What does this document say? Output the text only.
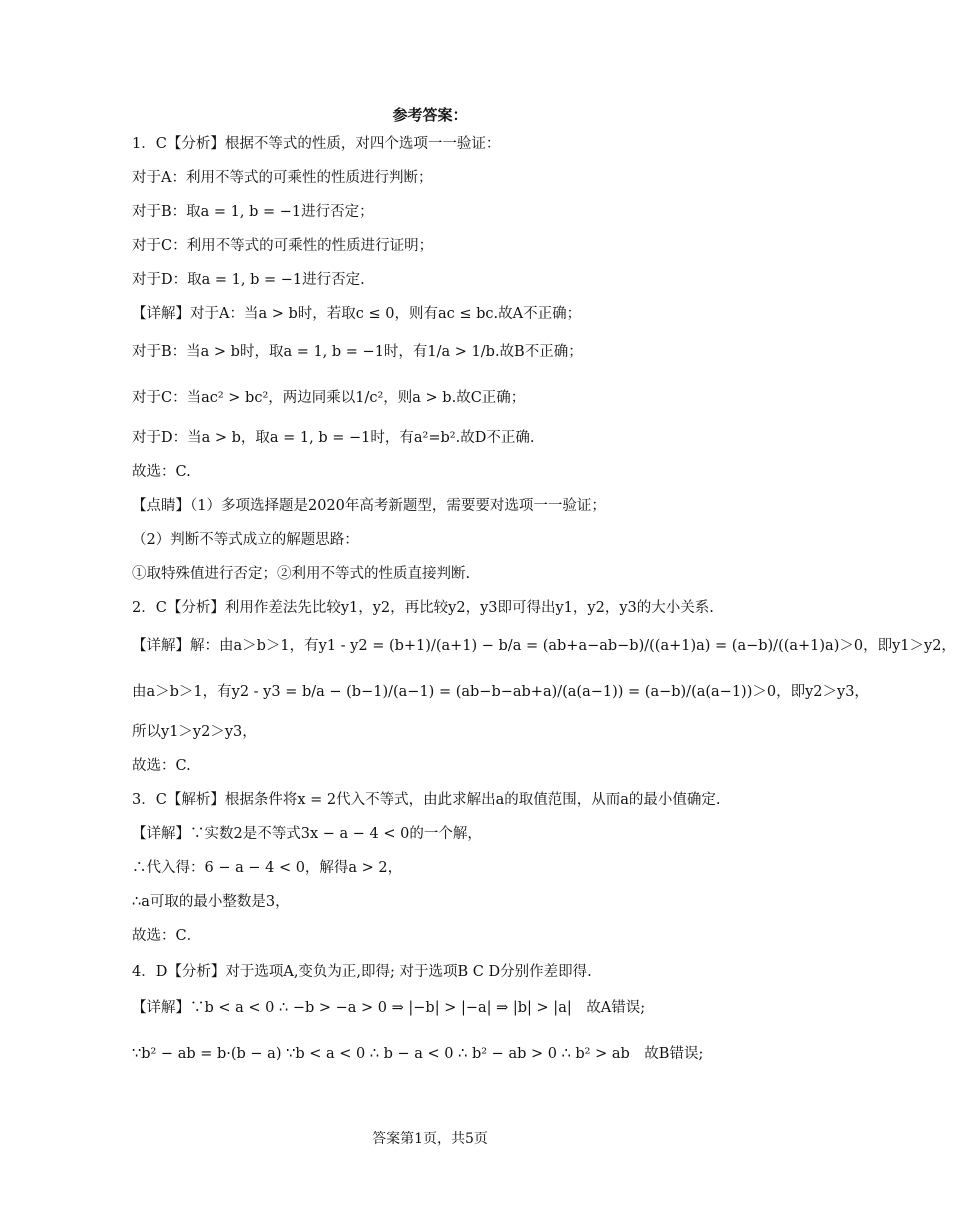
参考答案：
1．C【分析】根据不等式的性质，对四个选项一一验证：
对于A：利用不等式的可乘性的性质进行判断；
对于B：取a = 1, b = −1进行否定；
对于C：利用不等式的可乘性的性质进行证明；
对于D：取a = 1, b = −1进行否定.
【详解】对于A：当a > b时，若取c ≤ 0，则有ac ≤ bc.故A不正确；
对于B：当a > b时，取a = 1, b = −1时，有1/a > 1/b.故B不正确；
对于C：当ac² > bc²，两边同乘以1/c²，则a > b.故C正确；
对于D：当a > b，取a = 1, b = −1时，有a²=b².故D不正确.
故选：C.
【点睛】（1）多项选择题是2020年高考新题型，需要要对选项一一验证；
（2）判断不等式成立的解题思路：
①取特殊值进行否定；②利用不等式的性质直接判断.
2．C【分析】利用作差法先比较y1，y2，再比较y2，y3即可得出y1，y2，y3的大小关系.
【详解】解：由a＞b＞1，有y1 - y2 = (b+1)/(a+1) − b/a = (ab+a−ab−b)/((a+1)a) = (a−b)/((a+1)a)＞0，即y1＞y2，
由a＞b＞1，有y2 - y3 = b/a − (b−1)/(a−1) = (ab−b−ab+a)/(a(a−1)) = (a−b)/(a(a−1))＞0，即y2＞y3，
所以y1＞y2＞y3，
故选：C.
3．C【解析】根据条件将x = 2代入不等式，由此求解出a的取值范围，从而a的最小值确定.
【详解】∵实数2是不等式3x − a − 4 < 0的一个解，
∴代入得：6 − a − 4 < 0，解得a > 2，
∴a可取的最小整数是3，
故选：C．
4．D【分析】对于选项A,变负为正,即得; 对于选项B C D分别作差即得.
【详解】∵b < a < 0 ∴ −b > −a > 0 ⇒ |−b| > |−a| ⇒ |b| > |a|　故A错误;
∵b² − ab = b·(b − a) ∵b < a < 0 ∴ b − a < 0 ∴ b² − ab > 0 ∴ b² > ab　故B错误;
答案第1页，共5页
